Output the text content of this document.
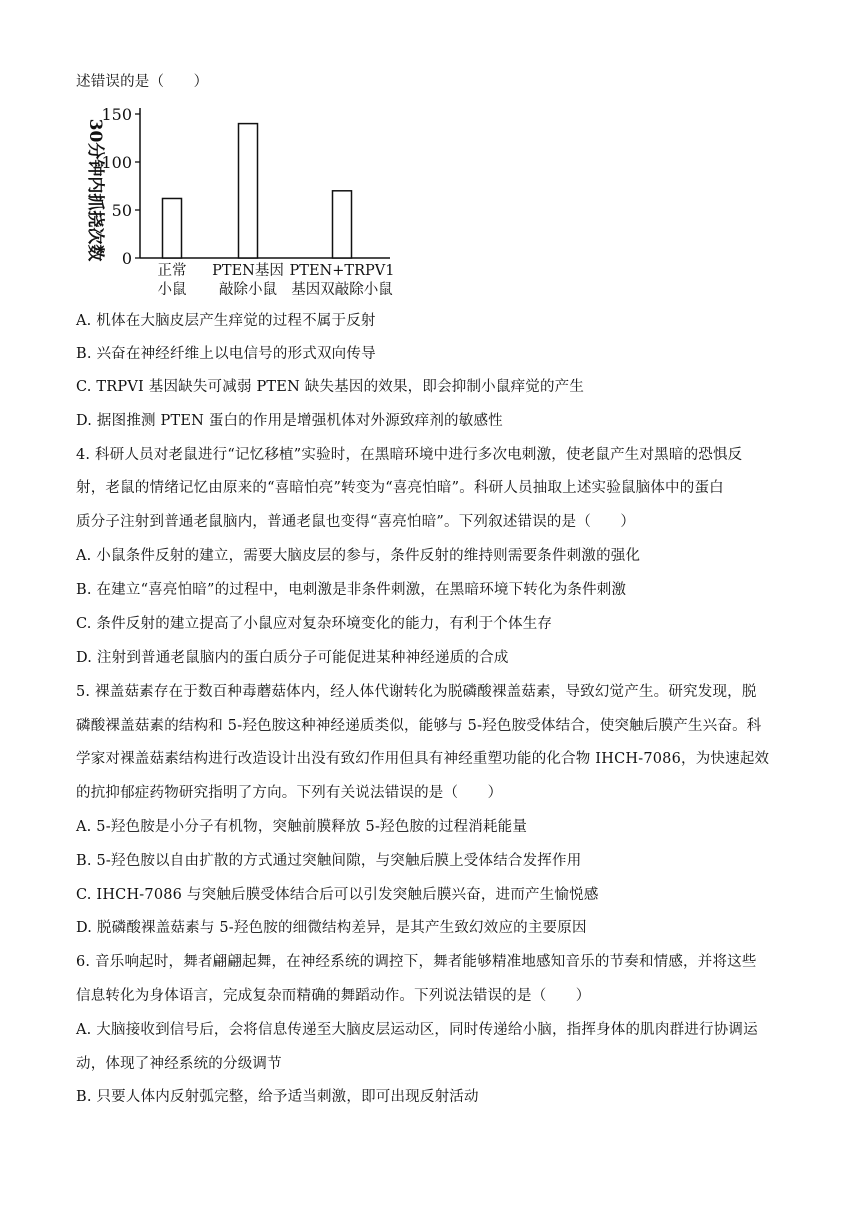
述错误的是（　　）
30分钟内抓挠次数 0
50
100
150
正常
小鼠
PTEN基因
敲除小鼠
PTEN+TRPV1
基因双敲除小鼠
A. 机体在大脑皮层产生痒觉的过程不属于反射
B. 兴奋在神经纤维上以电信号的形式双向传导
C. TRPVI 基因缺失可减弱 PTEN 缺失基因的效果，即会抑制小鼠痒觉的产生
D. 据图推测 PTEN 蛋白的作用是增强机体对外源致痒剂的敏感性
4. 科研人员对老鼠进行“记忆移植”实验时，在黑暗环境中进行多次电刺激，使老鼠产生对黑暗的恐惧反
射，老鼠的情绪记忆由原来的“喜暗怕亮”转变为“喜亮怕暗”。科研人员抽取上述实验鼠脑体中的蛋白
质分子注射到普通老鼠脑内，普通老鼠也变得“喜亮怕暗”。下列叙述错误的是（　　）
A. 小鼠条件反射的建立，需要大脑皮层的参与，条件反射的维持则需要条件刺激的强化
B. 在建立“喜亮怕暗”的过程中，电刺激是非条件刺激，在黑暗环境下转化为条件刺激
C. 条件反射的建立提高了小鼠应对复杂环境变化的能力，有利于个体生存
D. 注射到普通老鼠脑内的蛋白质分子可能促进某种神经递质的合成
5. 裸盖菇素存在于数百种毒蘑菇体内，经人体代谢转化为脱磷酸裸盖菇素，导致幻觉产生。研究发现，脱
磷酸裸盖菇素的结构和 5-羟色胺这种神经递质类似，能够与 5-羟色胺受体结合，使突触后膜产生兴奋。科
学家对裸盖菇素结构进行改造设计出没有致幻作用但具有神经重塑功能的化合物 IHCH-7086，为快速起效
的抗抑郁症药物研究指明了方向。下列有关说法错误的是（　　）
A. 5-羟色胺是小分子有机物，突触前膜释放 5-羟色胺的过程消耗能量
B. 5-羟色胺以自由扩散的方式通过突触间隙，与突触后膜上受体结合发挥作用
C. IHCH-7086 与突触后膜受体结合后可以引发突触后膜兴奋，进而产生愉悦感
D. 脱磷酸裸盖菇素与 5-羟色胺的细微结构差异，是其产生致幻效应的主要原因
6. 音乐响起时，舞者翩翩起舞，在神经系统的调控下，舞者能够精准地感知音乐的节奏和情感，并将这些
信息转化为身体语言，完成复杂而精确的舞蹈动作。下列说法错误的是（　　）
A. 大脑接收到信号后，会将信息传递至大脑皮层运动区，同时传递给小脑，指挥身体的肌肉群进行协调运
动，体现了神经系统的分级调节
B. 只要人体内反射弧完整，给予适当刺激，即可出现反射活动
